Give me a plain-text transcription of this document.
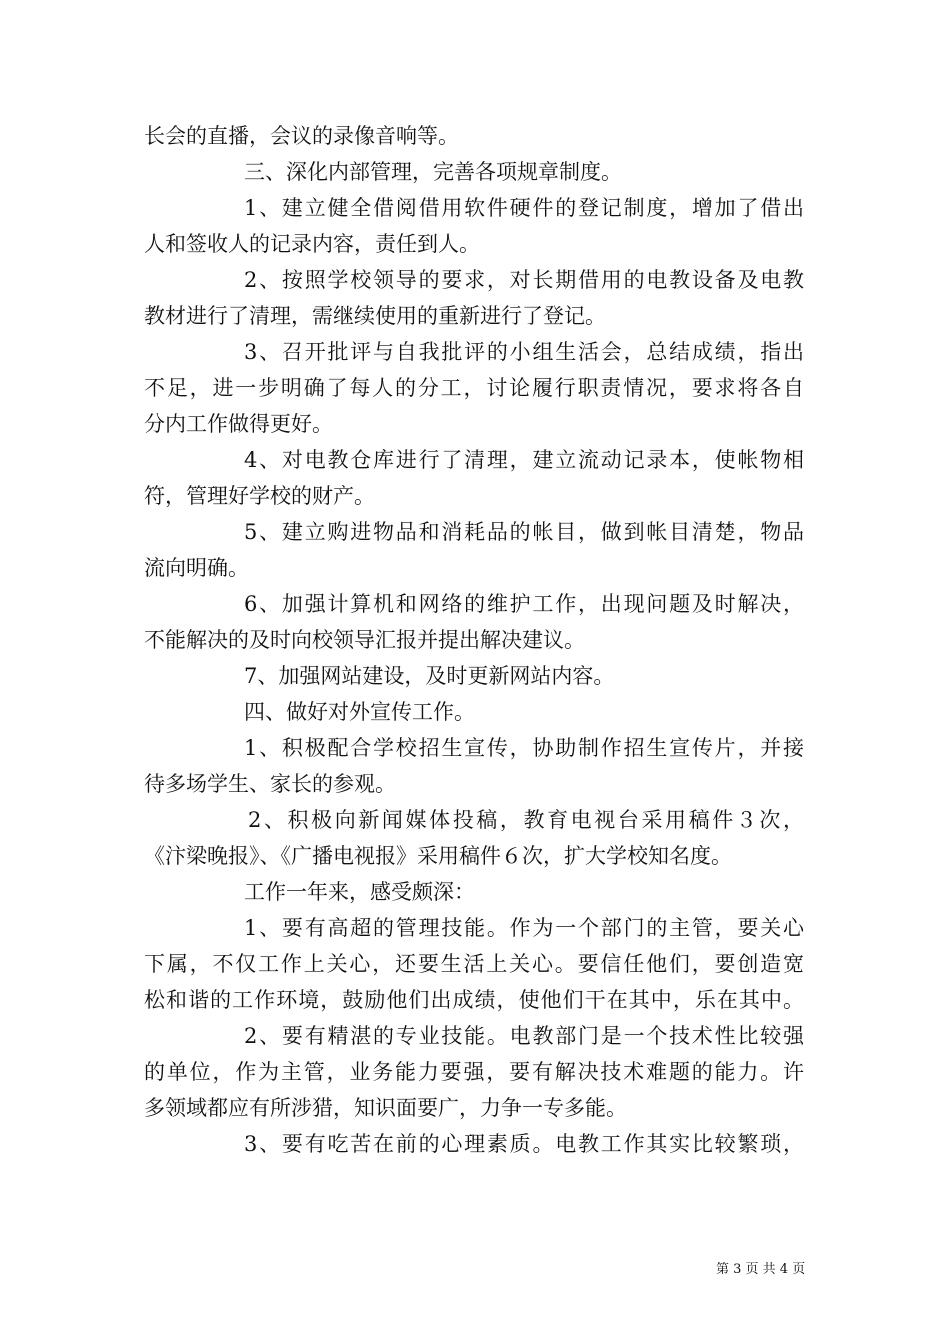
长会的直播，会议的录像音响等。
三、深化内部管理，完善各项规章制度。
1、建立健全借阅借用软件硬件的登记制度，增加了借出
人和签收人的记录内容，责任到人。
2、按照学校领导的要求，对长期借用的电教设备及电教
教材进行了清理，需继续使用的重新进行了登记。
3、召开批评与自我批评的小组生活会，总结成绩，指出
不足，进一步明确了每人的分工，讨论履行职责情况，要求将各自
分内工作做得更好。
4、对电教仓库进行了清理，建立流动记录本，使帐物相
符，管理好学校的财产。
5、建立购进物品和消耗品的帐目，做到帐目清楚，物品
流向明确。
6、加强计算机和网络的维护工作，出现问题及时解决，
不能解决的及时向校领导汇报并提出解决建议。
7、加强网站建设，及时更新网站内容。
四、做好对外宣传工作。
1、积极配合学校招生宣传，协助制作招生宣传片，并接
待多场学生、家长的参观。
2、积极向新闻媒体投稿，教育电视台采用稿件３次，
《汴梁晚报》、《广播电视报》采用稿件６次，扩大学校知名度。
工作一年来，感受颇深：
1、要有高超的管理技能。作为一个部门的主管，要关心
下属，不仅工作上关心，还要生活上关心。要信任他们，要创造宽
松和谐的工作环境，鼓励他们出成绩，使他们干在其中，乐在其中。
2、要有精湛的专业技能。电教部门是一个技术性比较强
的单位，作为主管，业务能力要强，要有解决技术难题的能力。许
多领域都应有所涉猎，知识面要广，力争一专多能。
3、要有吃苦在前的心理素质。电教工作其实比较繁琐，
第 3 页 共 4 页
